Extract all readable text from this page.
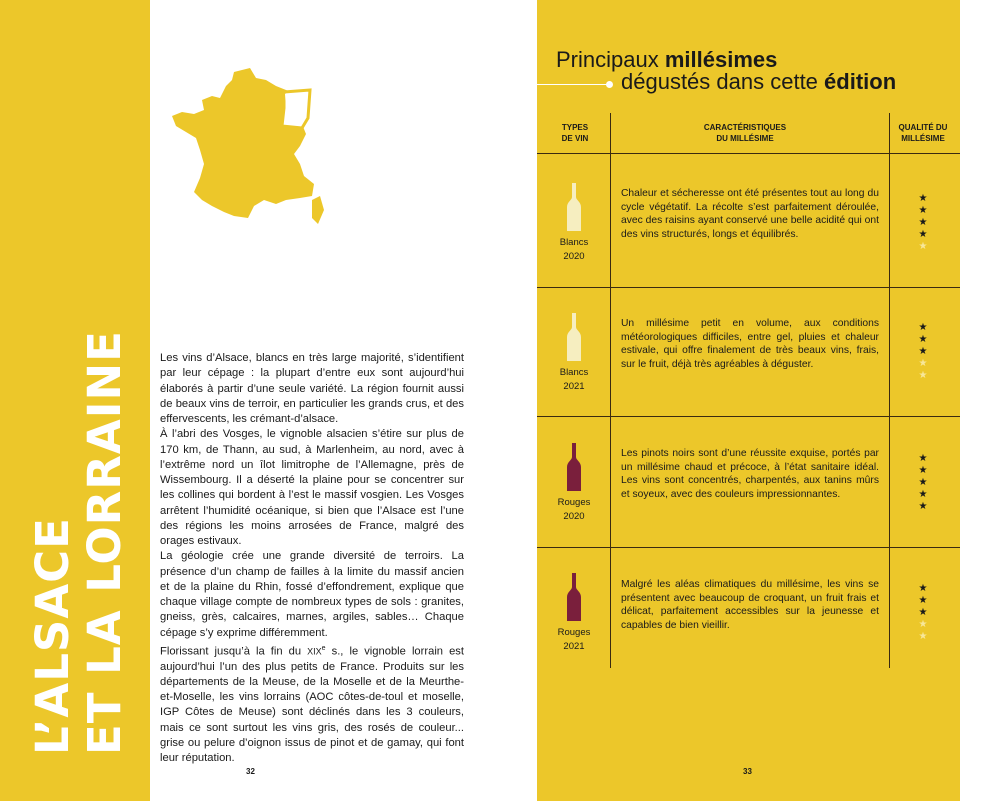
L’ALSACE ET LA LORRAINE	Les vins d’Alsace, blancs en très large majorité, s’identifient par leur cépage : la plupart d’entre eux sont aujourd’hui élaborés à partir d’une seule variété. La région fournit aussi de beaux vins de terroir, en particulier les grands crus, et des effervescents, les crémant-d’alsace.

À l’abri des Vosges, le vignoble alsacien s’étire sur plus de 170 km, de Thann, au sud, à Marlenheim, au nord, avec à l’extrême nord un îlot limitrophe de l’Allemagne, près de Wissembourg. Il a déserté la plaine pour se concentrer sur les collines qui bordent à l’est le massif vosgien. Les Vosges arrêtent l’humidité océanique, si bien que l’Alsace est l’une des régions les moins arrosées de France, malgré des orages estivaux.

La géologie crée une grande diversité de terroirs. La présence d’un champ de failles à la limite du massif ancien et de la plaine du Rhin, fossé d’effondrement, explique que chaque village compte de nombreux types de sols : granites, gneiss, grès, calcaires, marnes, argiles, sables… Chaque cépage s’y exprime différemment.

Florissant jusqu’à la fin du XIXe s., le vignoble lorrain est aujourd’hui l’un des plus petits de France. Produits sur les départements de la Meuse, de la Moselle et de la Meurthe-et-Moselle, les vins lorrains (AOC côtes-de-toul et moselle, IGP Côtes de Meuse) sont déclinés dans les 3 couleurs, mais ce sont surtout les vins gris, des rosés de couleur... grise ou pelure d’oignon issus de pinot et de gamay, qui font leur réputation.

32
Principaux millésimes
dégustés dans cette édition
TYPES
DE VIN
CARACTÉRISTIQUES
DU MILLÉSIME
QUALITÉ DU
MILLÉSIME
Blancs
2020
Chaleur et sécheresse ont été présentes tout au long du cycle végétatif. La récolte s’est parfaitement déroulée, avec des raisins ayant conservé une belle acidité qui ont des vins structurés, longs et équilibrés.
★
★
★
★
★
Blancs
2021
Un millésime petit en volume, aux conditions météorologiques difficiles, entre gel, pluies et chaleur estivale, qui offre finalement de très beaux vins, frais, sur le fruit, déjà très agréables à déguster.
★
★
★
★
★
Rouges
2020
Les pinots noirs sont d’une réussite exquise, portés par un millésime chaud et précoce, à l’état sanitaire idéal. Les vins sont concentrés, charpentés, aux tanins mûrs et soyeux, avec des couleurs impressionnantes.
★
★
★
★
★
Rouges
2021
Malgré les aléas climatiques du millésime, les vins se présentent avec beaucoup de croquant, un fruit frais et délicat, parfaitement accessibles sur la jeunesse et capables de bien vieillir.
★
★
★
★
★
33
